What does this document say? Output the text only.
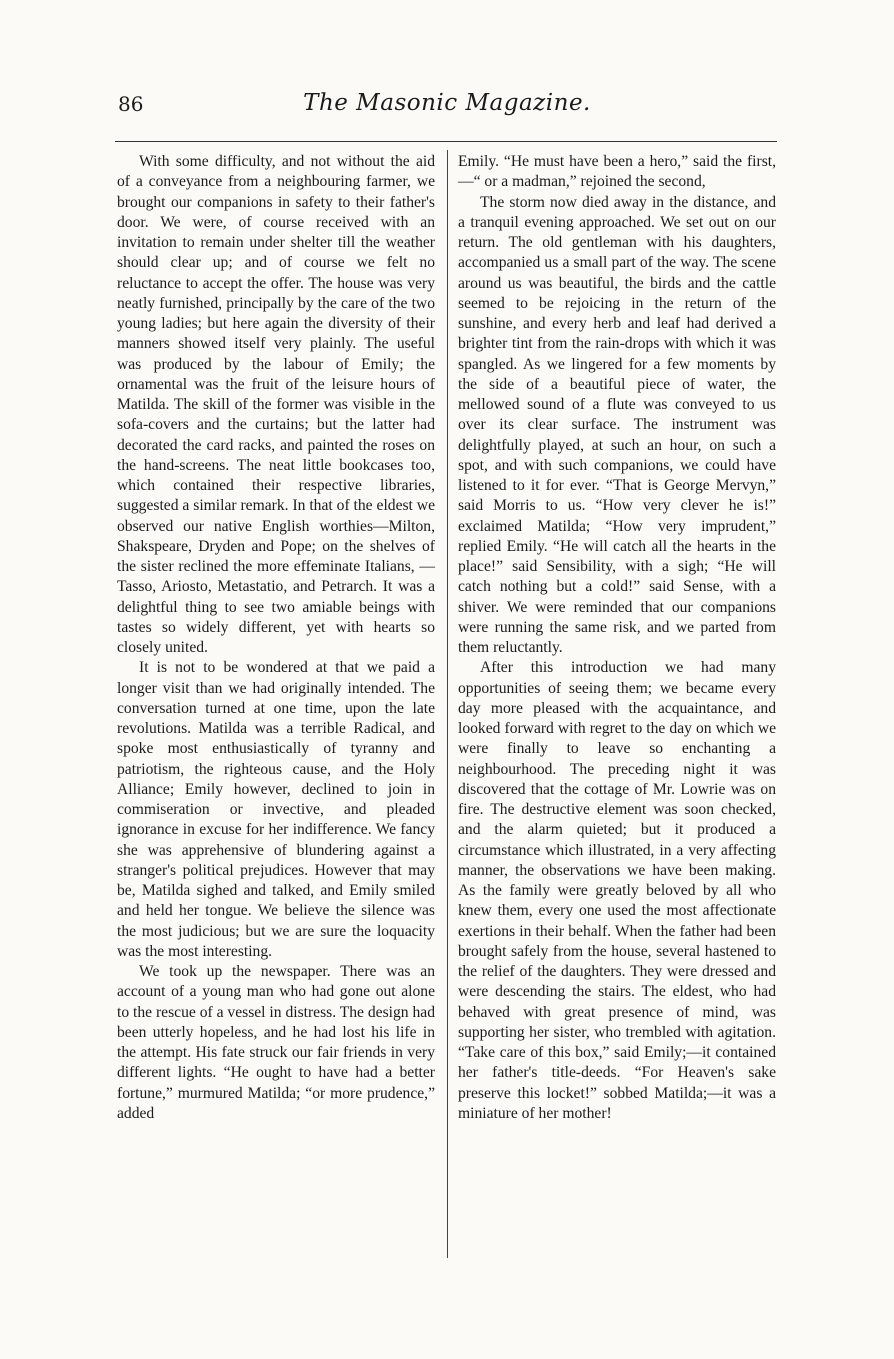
86	The Masonic Magazine.

With some difficulty, and not without the aid of a conveyance from a neighbouring farmer, we brought our companions in safety to their father's door. We were, of course received with an invitation to remain under shelter till the weather should clear up; and of course we felt no reluctance to accept the offer. The house was very neatly furnished, principally by the care of the two young ladies; but here again the diversity of their manners showed itself very plainly. The useful was produced by the labour of Emily; the ornamental was the fruit of the leisure hours of Matilda. The skill of the former was visible in the sofa-covers and the curtains; but the latter had decorated the card racks, and painted the roses on the hand-screens. The neat little bookcases too, which contained their respective libraries, suggested a similar remark. In that of the eldest we observed our native English worthies—Milton, Shakspeare, Dryden and Pope; on the shelves of the sister reclined the more effeminate Italians, —Tasso, Ariosto, Metastatio, and Petrarch. It was a delightful thing to see two amiable beings with tastes so widely different, yet with hearts so closely united.

It is not to be wondered at that we paid a longer visit than we had originally intended. The conversation turned at one time, upon the late revolutions. Matilda was a terrible Radical, and spoke most enthusiastically of tyranny and patriotism, the righteous cause, and the Holy Alliance; Emily however, declined to join in commiseration or invective, and pleaded ignorance in excuse for her indifference. We fancy she was apprehensive of blundering against a stranger's political prejudices. However that may be, Matilda sighed and talked, and Emily smiled and held her tongue. We believe the silence was the most judicious; but we are sure the loquacity was the most interesting.

We took up the newspaper. There was an account of a young man who had gone out alone to the rescue of a vessel in distress. The design had been utterly hopeless, and he had lost his life in the attempt. His fate struck our fair friends in very different lights. “He ought to have had a better fortune,” murmured Matilda; “or more prudence,” added

Emily. “He must have been a hero,” said the first,—“ or a madman,” rejoined the second,

The storm now died away in the distance, and a tranquil evening approached. We set out on our return. The old gentleman with his daughters, accompanied us a small part of the way. The scene around us was beautiful, the birds and the cattle seemed to be rejoicing in the return of the sunshine, and every herb and leaf had derived a brighter tint from the rain-drops with which it was spangled. As we lingered for a few moments by the side of a beautiful piece of water, the mellowed sound of a flute was conveyed to us over its clear surface. The instrument was delightfully played, at such an hour, on such a spot, and with such companions, we could have listened to it for ever. “That is George Mervyn,” said Morris to us. “How very clever he is!” exclaimed Matilda; “How very imprudent,” replied Emily. “He will catch all the hearts in the place!” said Sensibility, with a sigh; “He will catch nothing but a cold!” said Sense, with a shiver. We were reminded that our companions were running the same risk, and we parted from them reluctantly.

After this introduction we had many opportunities of seeing them; we became every day more pleased with the acquaintance, and looked forward with regret to the day on which we were finally to leave so enchanting a neighbourhood. The preceding night it was discovered that the cottage of Mr. Lowrie was on fire. The destructive element was soon checked, and the alarm quieted; but it produced a circumstance which illustrated, in a very affecting manner, the observations we have been making. As the family were greatly beloved by all who knew them, every one used the most affectionate exertions in their behalf. When the father had been brought safely from the house, several hastened to the relief of the daughters. They were dressed and were descending the stairs. The eldest, who had behaved with great presence of mind, was supporting her sister, who trembled with agitation. “Take care of this box,” said Emily;—it contained her father's title-deeds. “For Heaven's sake preserve this locket!” sobbed Matilda;—it was a miniature of her mother!
